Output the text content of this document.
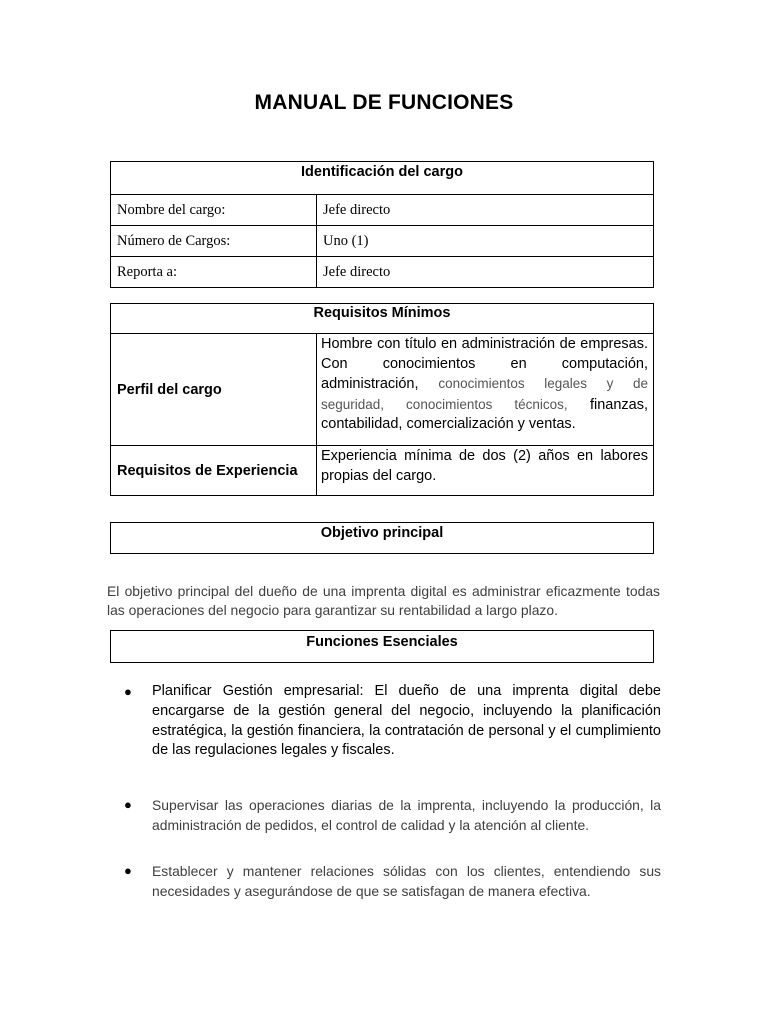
MANUAL DE FUNCIONES
Identificación del cargo	
Nombre del cargo:	Jefe directo
Número de Cargos:	Uno (1)
Reporta a:	Jefe directo
Requisitos Mínimos	
Perfil del cargo	Hombre con título en administración de empresas. Con conocimientos en computación, administración, conocimientos legales y de seguridad, conocimientos técnicos, finanzas, contabilidad, comercialización y ventas.
Requisitos de Experiencia	Experiencia mínima de dos (2) años en labores propias del cargo.
Objetivo principal
El objetivo principal del dueño de una imprenta digital es administrar eficazmente todas las operaciones del negocio para garantizar su rentabilidad a largo plazo.
Funciones Esenciales
● Planificar Gestión empresarial: El dueño de una imprenta digital debe encargarse de la gestión general del negocio, incluyendo la planificación estratégica, la gestión financiera, la contratación de personal y el cumplimiento de las regulaciones legales y fiscales.
● Supervisar las operaciones diarias de la imprenta, incluyendo la producción, la administración de pedidos, el control de calidad y la atención al cliente.
● Establecer y mantener relaciones sólidas con los clientes, entendiendo sus necesidades y asegurándose de que se satisfagan de manera efectiva.
